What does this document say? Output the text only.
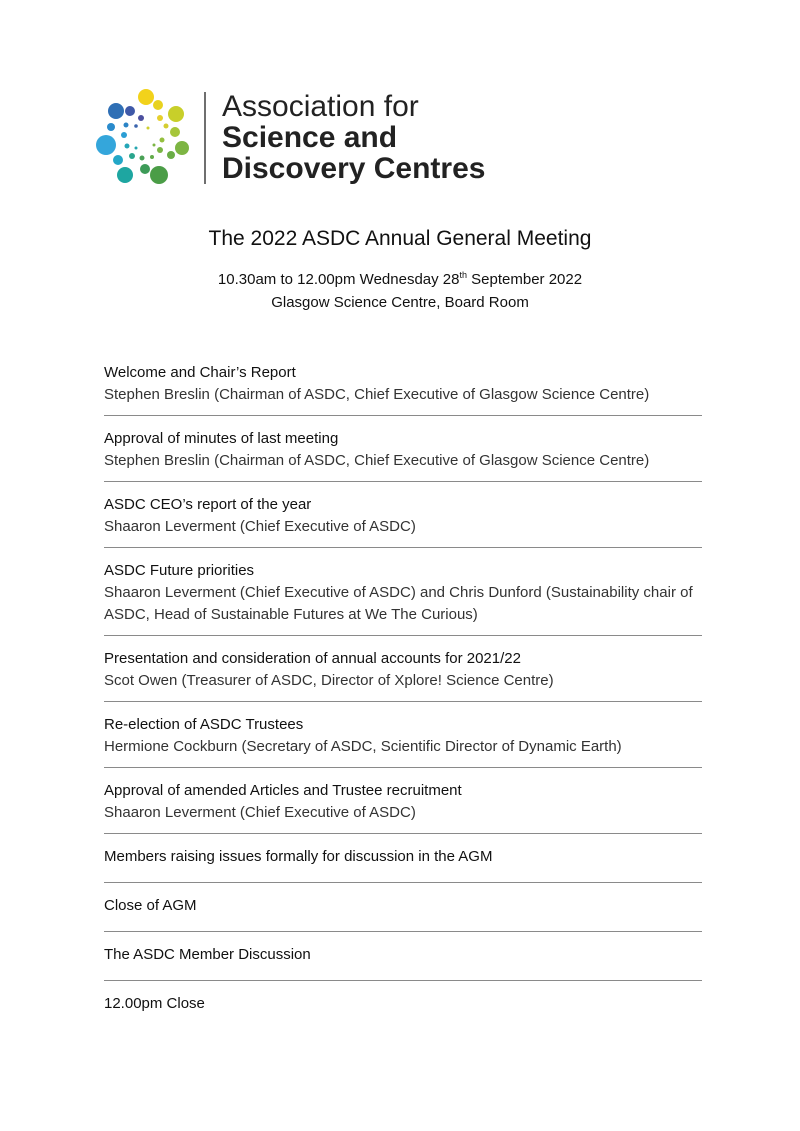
Association for
Science and
Discovery Centres
The 2022 ASDC Annual General Meeting
10.30am to 12.00pm Wednesday 28th September 2022
Glasgow Science Centre, Board Room
Welcome and Chair’s Report
Stephen Breslin (Chairman of ASDC, Chief Executive of Glasgow Science Centre)
Approval of minutes of last meeting
Stephen Breslin (Chairman of ASDC, Chief Executive of Glasgow Science Centre)
ASDC CEO’s report of the year
Shaaron Leverment (Chief Executive of ASDC)
ASDC Future priorities
Shaaron Leverment (Chief Executive of ASDC) and Chris Dunford (Sustainability chair of ASDC, Head of Sustainable Futures at We The Curious)
Presentation and consideration of annual accounts for 2021/22
Scot Owen (Treasurer of ASDC, Director of Xplore! Science Centre)
Re-election of ASDC Trustees
Hermione Cockburn (Secretary of ASDC, Scientific Director of Dynamic Earth)
Approval of amended Articles and Trustee recruitment
Shaaron Leverment (Chief Executive of ASDC)
Members raising issues formally for discussion in the AGM
Close of AGM
The ASDC Member Discussion
12.00pm Close
